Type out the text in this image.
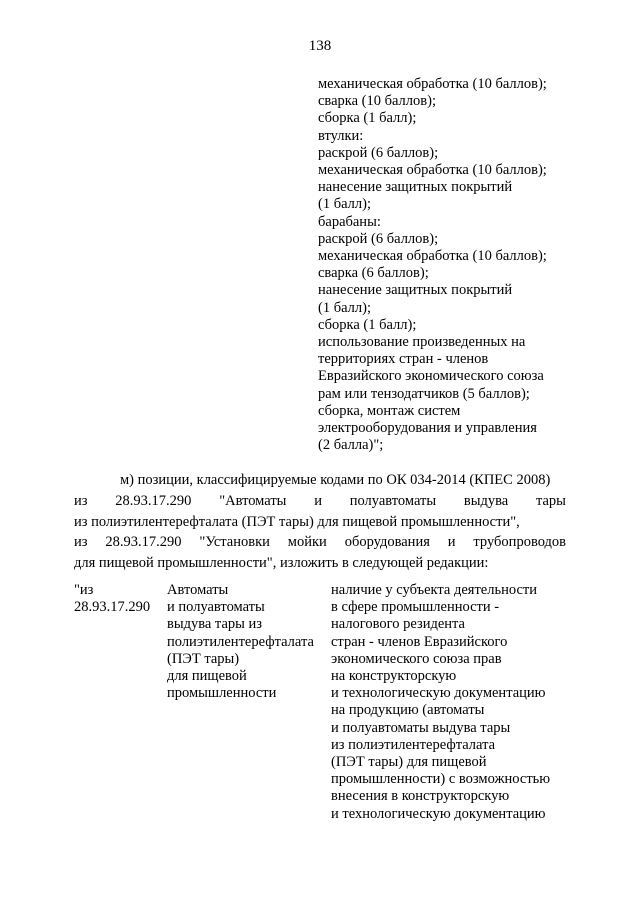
138
механическая обработка (10 баллов);
сварка (10 баллов);
сборка (1 балл);
втулки:
раскрой (6 баллов);
механическая обработка (10 баллов);
нанесение защитных покрытий
(1 балл);
барабаны:
раскрой (6 баллов);
механическая обработка (10 баллов);
сварка (6 баллов);
нанесение защитных покрытий
(1 балл);
сборка (1 балл);
использование произведенных на
территориях стран - членов
Евразийского экономического союза
рам или тензодатчиков (5 баллов);
сборка, монтаж систем
электрооборудования и управления
(2 балла)";
м) позиции, классифицируемые кодами по ОК 034-2014 (КПЕС 2008)
из 28.93.17.290 "Автоматы и полуавтоматы выдува тары
из полиэтилентерефталата (ПЭТ тары) для пищевой промышленности",
из 28.93.17.290 "Установки мойки оборудования и трубопроводов
для пищевой промышленности", изложить в следующей редакции:
"из
28.93.17.290
Автоматы
и полуавтоматы
выдува тары из
полиэтилентерефталата
(ПЭТ тары)
для пищевой
промышленности
наличие у субъекта деятельности
в сфере промышленности -
налогового резидента
стран - членов Евразийского
экономического союза прав
на конструкторскую
и технологическую документацию
на продукцию (автоматы
и полуавтоматы выдува тары
из полиэтилентерефталата
(ПЭТ тары) для пищевой
промышленности) с возможностью
внесения в конструкторскую
и технологическую документацию
